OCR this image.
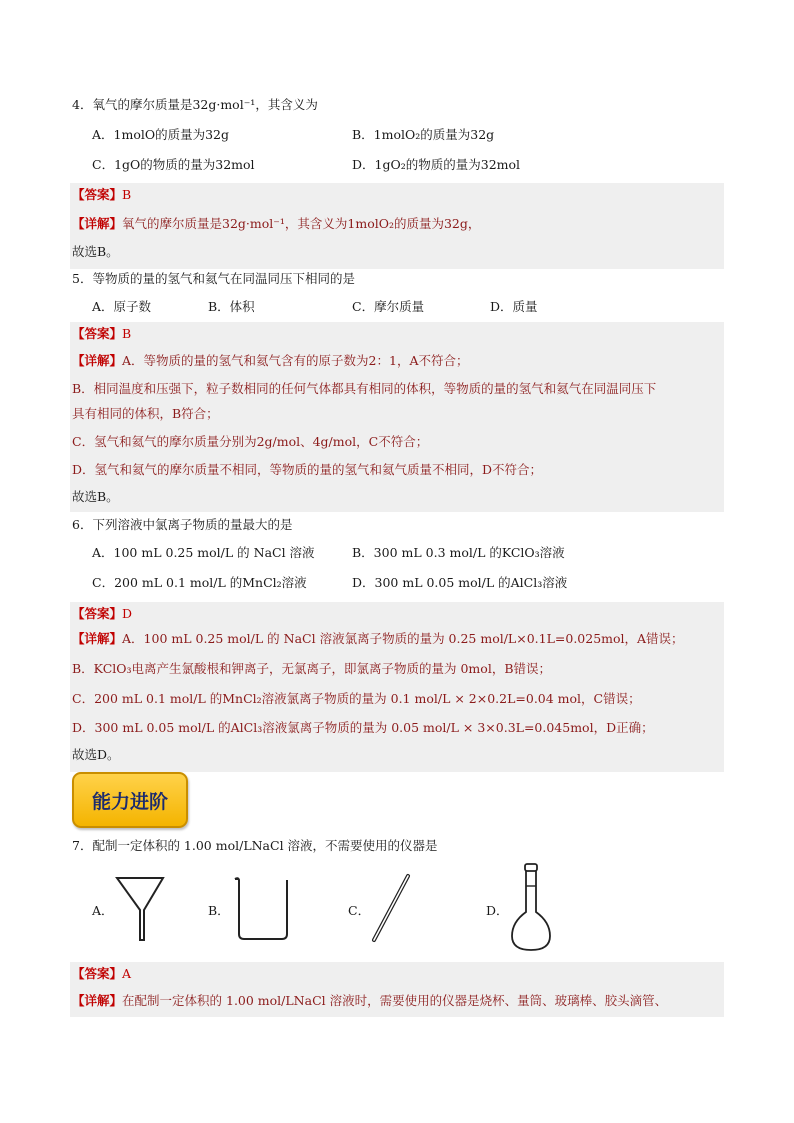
4．氧气的摩尔质量是32g·mol⁻¹，其含义为
A．1molO的质量为32g	B．1molO₂的质量为32g
C．1gO的物质的量为32mol	D．1gO₂的物质的量为32mol
【答案】B
【详解】氧气的摩尔质量是32g·mol⁻¹，其含义为1molO₂的质量为32g，
故选B。
5．等物质的量的氢气和氦气在同温同压下相同的是
A．原子数	B．体积	C．摩尔质量	D．质量
【答案】B
【详解】A．等物质的量的氢气和氦气含有的原子数为2：1，A不符合；
B．相同温度和压强下，粒子数相同的任何气体都具有相同的体积，等物质的量的氢气和氦气在同温同压下
具有相同的体积，B符合；
C．氢气和氦气的摩尔质量分别为2g/mol、4g/mol，C不符合；
D．氢气和氦气的摩尔质量不相同，等物质的量的氢气和氦气质量不相同，D不符合；
故选B。
6．下列溶液中氯离子物质的量最大的是
A．100 mL 0.25 mol/L 的 NaCl 溶液	B．300 mL 0.3 mol/L 的KClO₃溶液
C．200 mL 0.1 mol/L 的MnCl₂溶液	D．300 mL 0.05 mol/L 的AlCl₃溶液
【答案】D
【详解】A．100 mL 0.25 mol/L 的 NaCl 溶液氯离子物质的量为 0.25 mol/L×0.1L=0.025mol，A错误；
B．KClO₃电离产生氯酸根和钾离子，无氯离子，即氯离子物质的量为 0mol，B错误；
C．200 mL 0.1 mol/L 的MnCl₂溶液氯离子物质的量为 0.1 mol/L × 2×0.2L=0.04 mol，C错误；
D．300 mL 0.05 mol/L 的AlCl₃溶液氯离子物质的量为 0.05 mol/L × 3×0.3L=0.045mol，D正确；
故选D。
能力进阶
7．配制一定体积的 1.00 mol/LNaCl 溶液，不需要使用的仪器是
A．	B．	C．	D．
【答案】A
【详解】在配制一定体积的 1.00 mol/LNaCl 溶液时，需要使用的仪器是烧杯、量筒、玻璃棒、胶头滴管、
